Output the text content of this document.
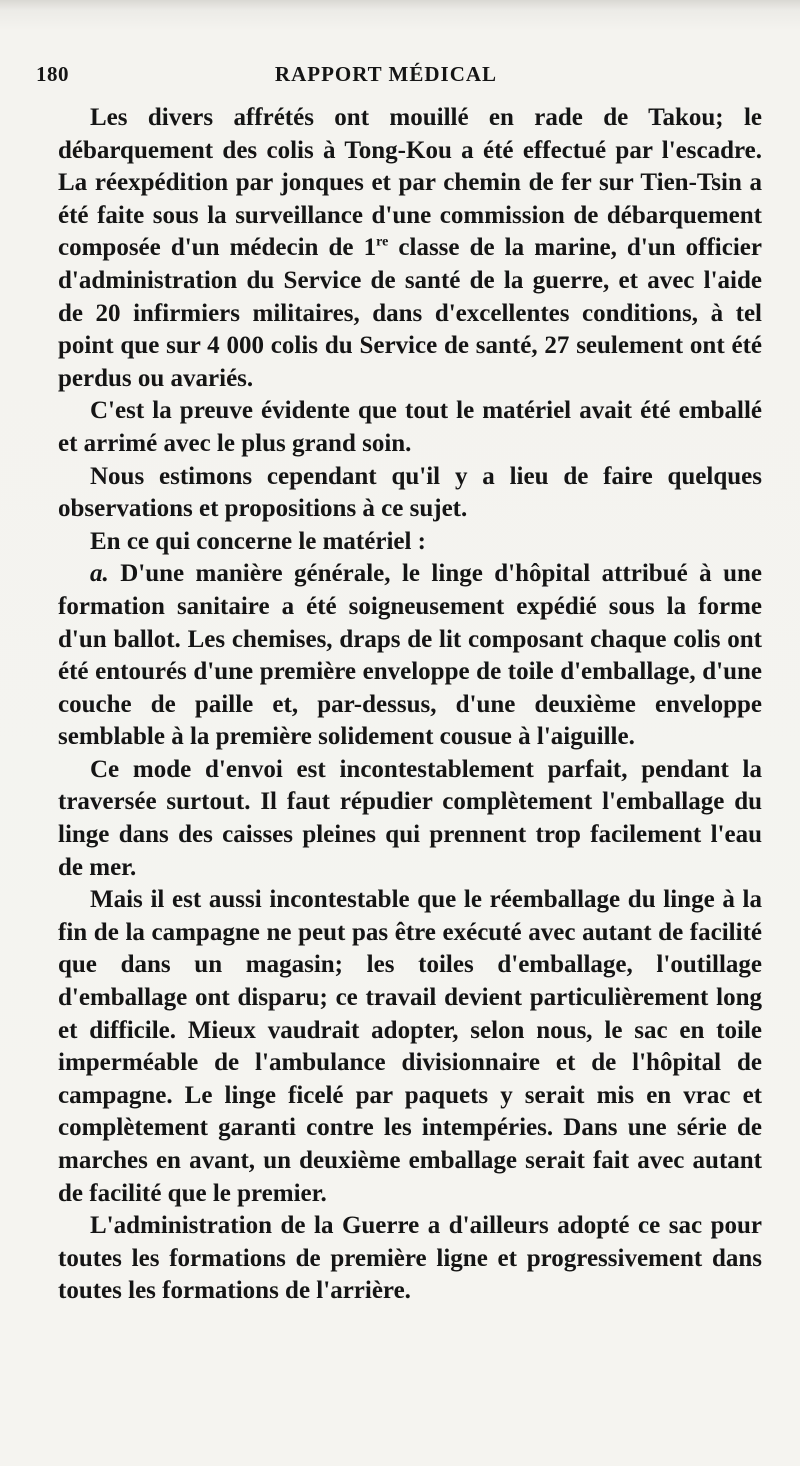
180	RAPPORT MÉDICAL

Les divers affrétés ont mouillé en rade de Takou; le débarquement des colis à Tong-Kou a été effectué par l'escadre. La réexpédition par jonques et par chemin de fer sur Tien-Tsin a été faite sous la surveillance d'une commission de débarquement composée d'un médecin de 1re classe de la marine, d'un officier d'administration du Service de santé de la guerre, et avec l'aide de 20 infirmiers militaires, dans d'excellentes conditions, à tel point que sur 4 000 colis du Service de santé, 27 seulement ont été perdus ou avariés.

C'est la preuve évidente que tout le matériel avait été emballé et arrimé avec le plus grand soin.

Nous estimons cependant qu'il y a lieu de faire quelques observations et propositions à ce sujet.

En ce qui concerne le matériel :

a. D'une manière générale, le linge d'hôpital attribué à une formation sanitaire a été soigneusement expédié sous la forme d'un ballot. Les chemises, draps de lit composant chaque colis ont été entourés d'une première enveloppe de toile d'emballage, d'une couche de paille et, par-dessus, d'une deuxième enveloppe semblable à la première solidement cousue à l'aiguille.

Ce mode d'envoi est incontestablement parfait, pendant la traversée surtout. Il faut répudier complètement l'emballage du linge dans des caisses pleines qui prennent trop facilement l'eau de mer.

Mais il est aussi incontestable que le réemballage du linge à la fin de la campagne ne peut pas être exécuté avec autant de facilité que dans un magasin; les toiles d'emballage, l'outillage d'emballage ont disparu; ce travail devient particulièrement long et difficile. Mieux vaudrait adopter, selon nous, le sac en toile imperméable de l'ambulance divisionnaire et de l'hôpital de campagne. Le linge ficelé par paquets y serait mis en vrac et complètement garanti contre les intempéries. Dans une série de marches en avant, un deuxième emballage serait fait avec autant de facilité que le premier.

L'administration de la Guerre a d'ailleurs adopté ce sac pour toutes les formations de première ligne et progressivement dans toutes les formations de l'arrière.
